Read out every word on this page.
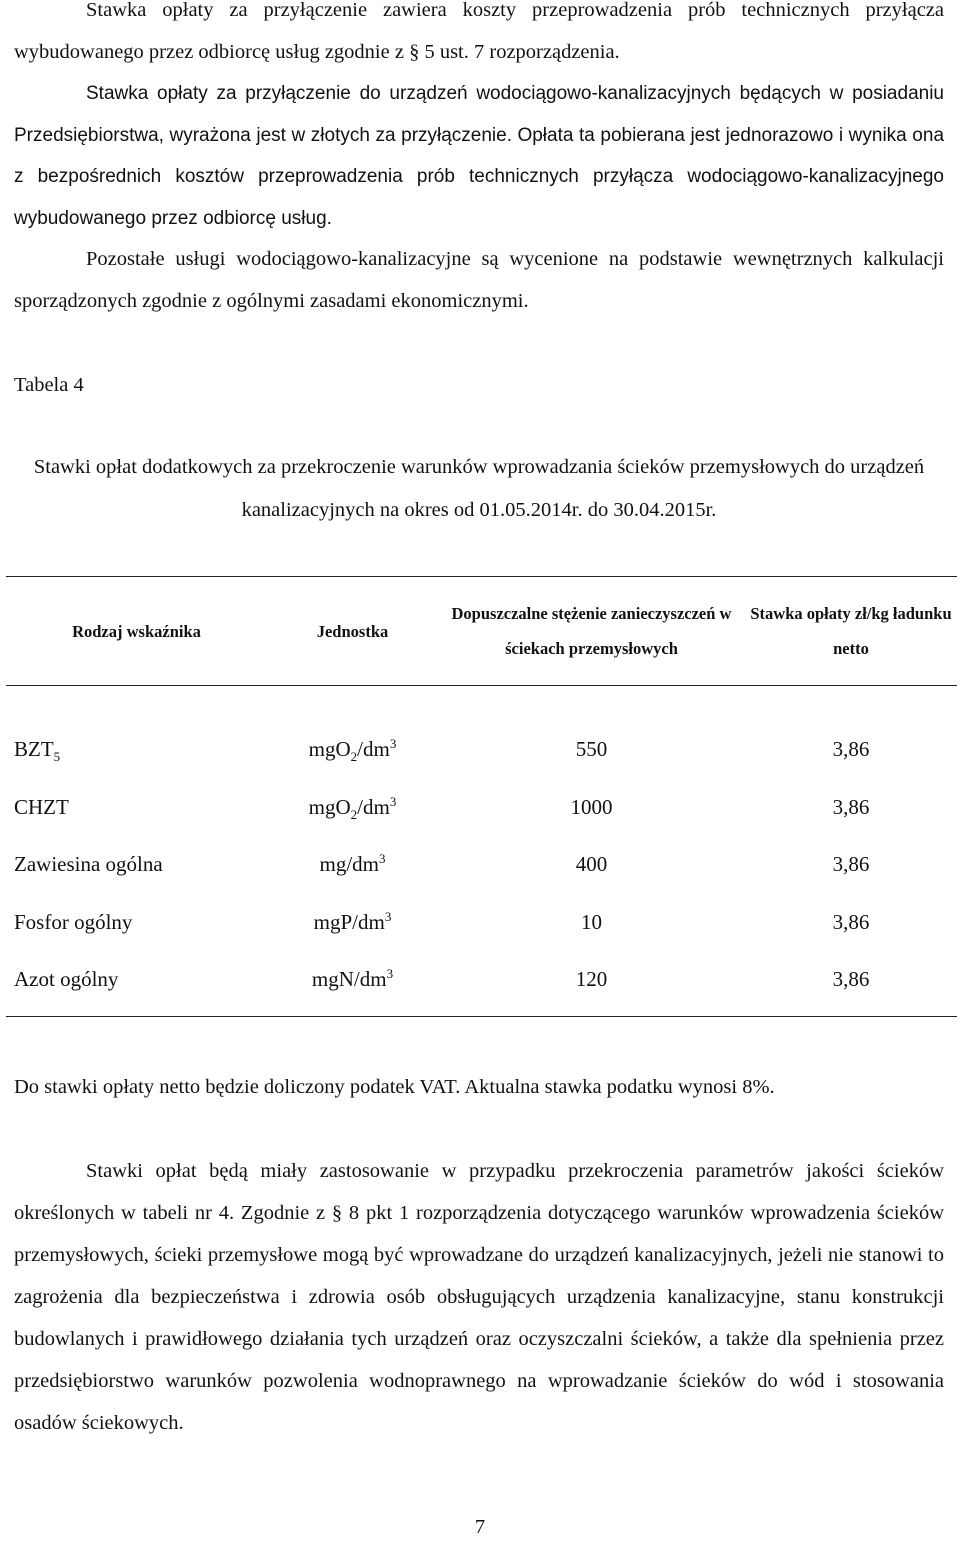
Stawka opłaty za przyłączenie zawiera koszty przeprowadzenia prób technicznych przyłącza wybudowanego przez odbiorcę usług zgodnie z § 5 ust. 7 rozporządzenia.

Stawka opłaty za przyłączenie do urządzeń wodociągowo-kanalizacyjnych będących w posiadaniu Przedsiębiorstwa, wyrażona jest w złotych za przyłączenie. Opłata ta pobierana jest jednorazowo i wynika ona z bezpośrednich kosztów przeprowadzenia prób technicznych przyłącza wodociągowo-kanalizacyjnego wybudowanego przez odbiorcę usług.

Pozostałe usługi wodociągowo-kanalizacyjne są wycenione na podstawie wewnętrznych kalkulacji sporządzonych zgodnie z ogólnymi zasadami ekonomicznymi.

Tabela 4
Stawki opłat dodatkowych za przekroczenie warunków wprowadzania ścieków przemysłowych do urządzeń kanalizacyjnych na okres od 01.05.2014r. do 30.04.2015r.
Rodzaj wskaźnika	Jednostka	Dopuszczalne stężenie zanieczyszczeń w ściekach przemysłowych	Stawka opłaty zł/kg ładunku netto

$BZT_5$	$mgO_2/dm^3$	550	3,86
CHZT	$mgO_2/dm^3$	1000	3,86
Zawiesina ogólna	$mg/dm^3$	400	3,86
Fosfor ogólny	mgP/$dm^3$	10	3,86
Azot ogólny	mgN/$dm^3$	120	3,86

Do stawki opłaty netto będzie doliczony podatek VAT. Aktualna stawka podatku wynosi 8%.

Stawki opłat będą miały zastosowanie w przypadku przekroczenia parametrów jakości ścieków określonych w tabeli nr 4. Zgodnie z § 8 pkt 1 rozporządzenia dotyczącego warunków wprowadzenia ścieków przemysłowych, ścieki przemysłowe mogą być wprowadzane do urządzeń kanalizacyjnych, jeżeli nie stanowi to zagrożenia dla bezpieczeństwa i zdrowia osób obsługujących urządzenia kanalizacyjne, stanu konstrukcji budowlanych i prawidłowego działania tych urządzeń oraz oczyszczalni ścieków, a także dla spełnienia przez przedsiębiorstwo warunków pozwolenia wodnoprawnego na wprowadzanie ścieków do wód i stosowania osadów ściekowych.

7
